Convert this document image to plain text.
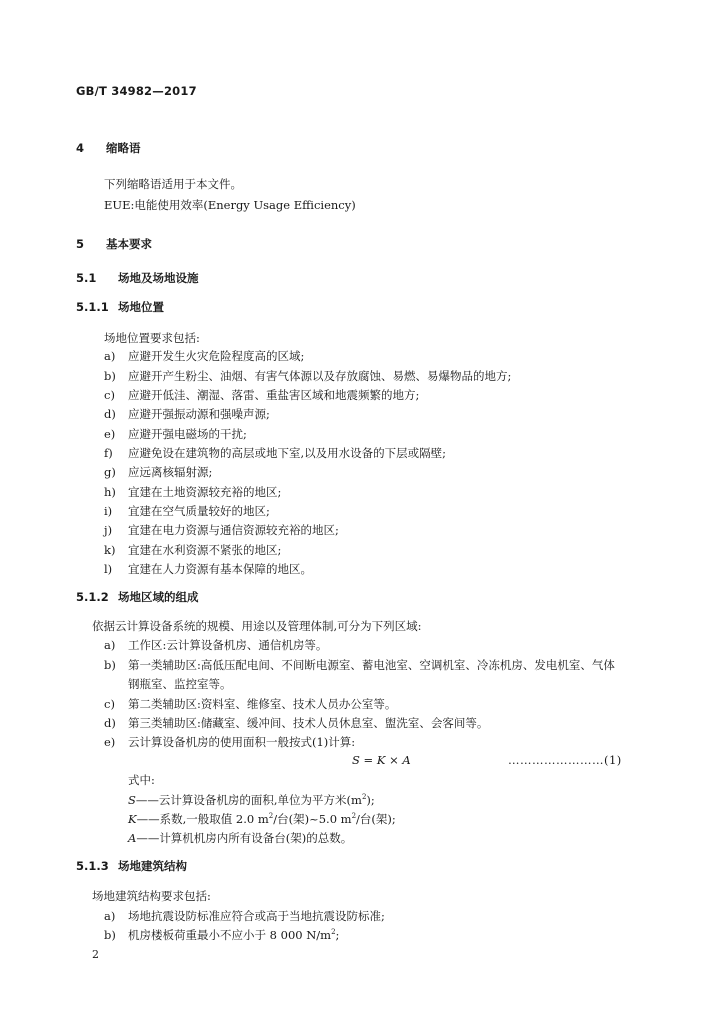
GB/T 34982—2017
4 缩略语
下列缩略语适用于本文件。
EUE:电能使用效率(Energy Usage Efficiency)
5 基本要求
5.1 场地及场地设施
5.1.1 场地位置
场地位置要求包括:
a) 应避开发生火灾危险程度高的区域;
b) 应避开产生粉尘、油烟、有害气体源以及存放腐蚀、易燃、易爆物品的地方;
c) 应避开低洼、潮湿、落雷、重盐害区域和地震频繁的地方;
d) 应避开强振动源和强噪声源;
e) 应避开强电磁场的干扰;
f) 应避免设在建筑物的高层或地下室,以及用水设备的下层或隔壁;
g) 应远离核辐射源;
h) 宜建在土地资源较充裕的地区;
i) 宜建在空气质量较好的地区;
j) 宜建在电力资源与通信资源较充裕的地区;
k) 宜建在水利资源不紧张的地区;
l) 宜建在人力资源有基本保障的地区。
5.1.2 场地区域的组成
依据云计算设备系统的规模、用途以及管理体制,可分为下列区域:
a) 工作区:云计算设备机房、通信机房等。
b) 第一类辅助区:高低压配电间、不间断电源室、蓄电池室、空调机室、冷冻机房、发电机室、气体
钢瓶室、监控室等。
c) 第二类辅助区:资料室、维修室、技术人员办公室等。
d) 第三类辅助区:储藏室、缓冲间、技术人员休息室、盥洗室、会客间等。
e) 云计算设备机房的使用面积一般按式(1)计算:
S = K × A	……………………(1)
式中:
S——云计算设备机房的面积,单位为平方米$(m^2)$;
K——系数,一般取值 2.0 $m^2/$台(架)~5.0 $m^2/$台(架);
A——计算机机房内所有设备台(架)的总数。
5.1.3 场地建筑结构
场地建筑结构要求包括:
a) 场地抗震设防标准应符合或高于当地抗震设防标准;
b) 机房楼板荷重最小不应小于 8 000 $N/m^2$;
2
